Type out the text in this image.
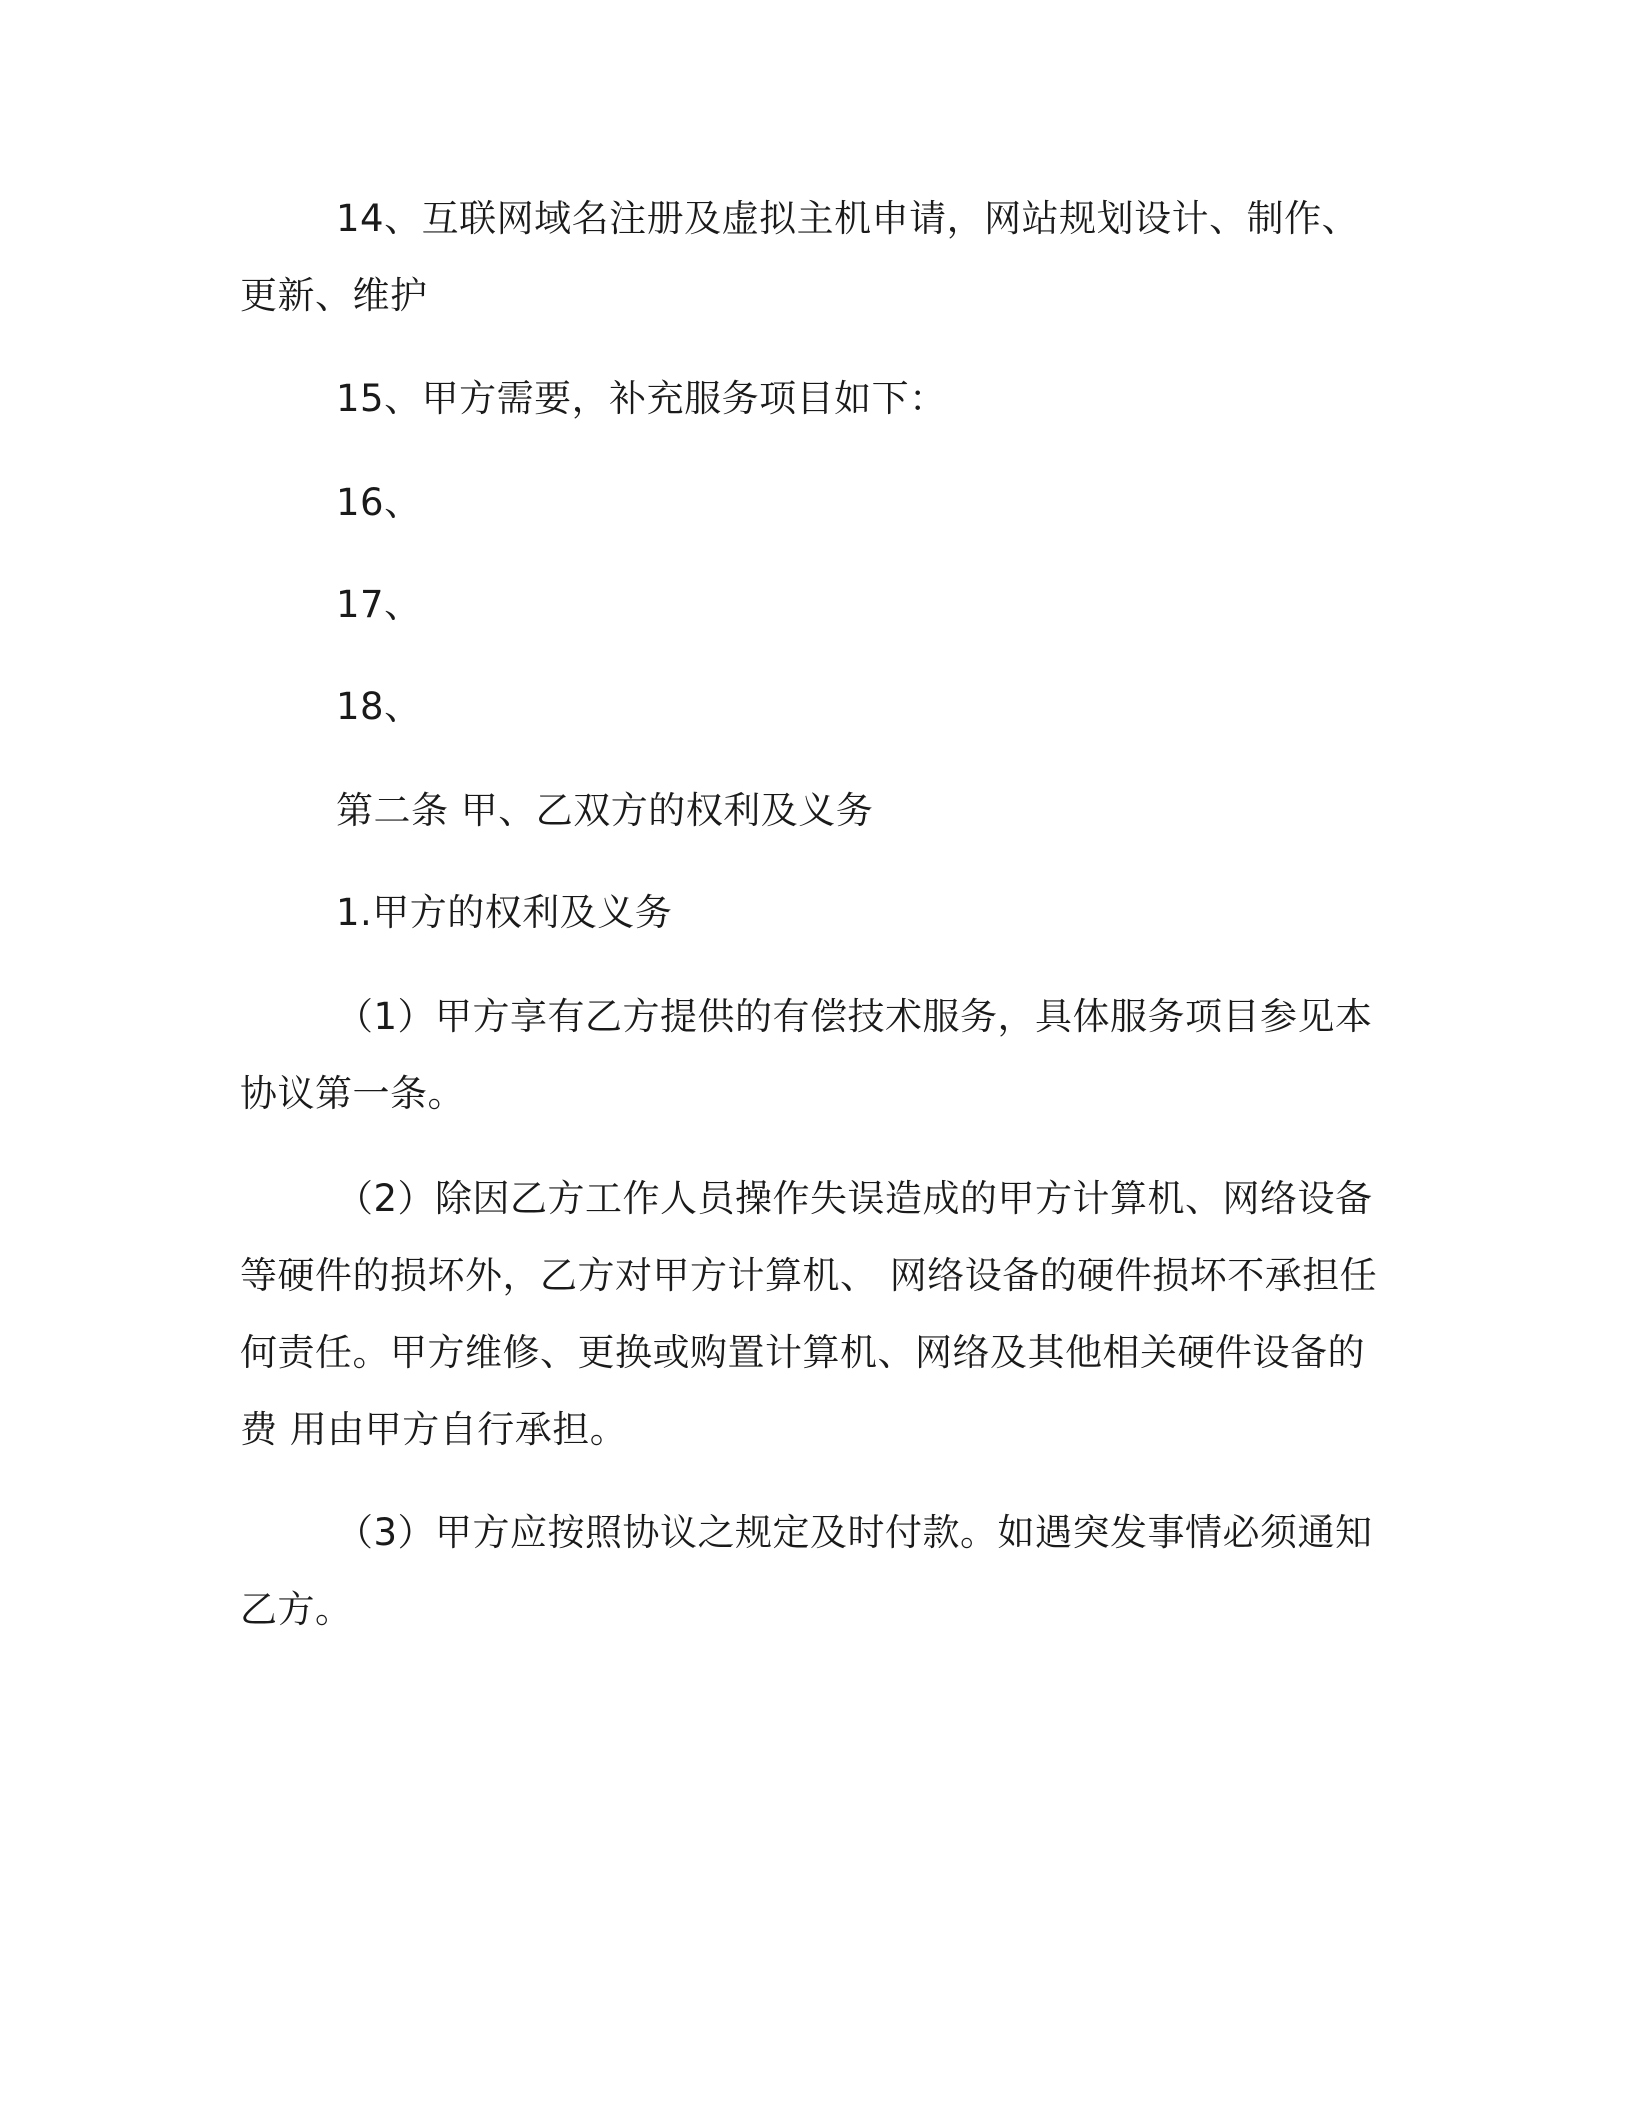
14、互联网域名注册及虚拟主机申请，网站规划设计、制作、更新、维护

15、甲方需要，补充服务项目如下：

16、

17、

18、

第二条 甲、乙双方的权利及义务

1.甲方的权利及义务

（1）甲方享有乙方提供的有偿技术服务，具体服务项目参见本协议第一条。

（2）除因乙方工作人员操作失误造成的甲方计算机、网络设备等硬件的损坏外，乙方对甲方计算机、 网络设备的硬件损坏不承担任何责任。甲方维修、更换或购置计算机、网络及其他相关硬件设备的费 用由甲方自行承担。

（3）甲方应按照协议之规定及时付款。如遇突发事情必须通知乙方。
